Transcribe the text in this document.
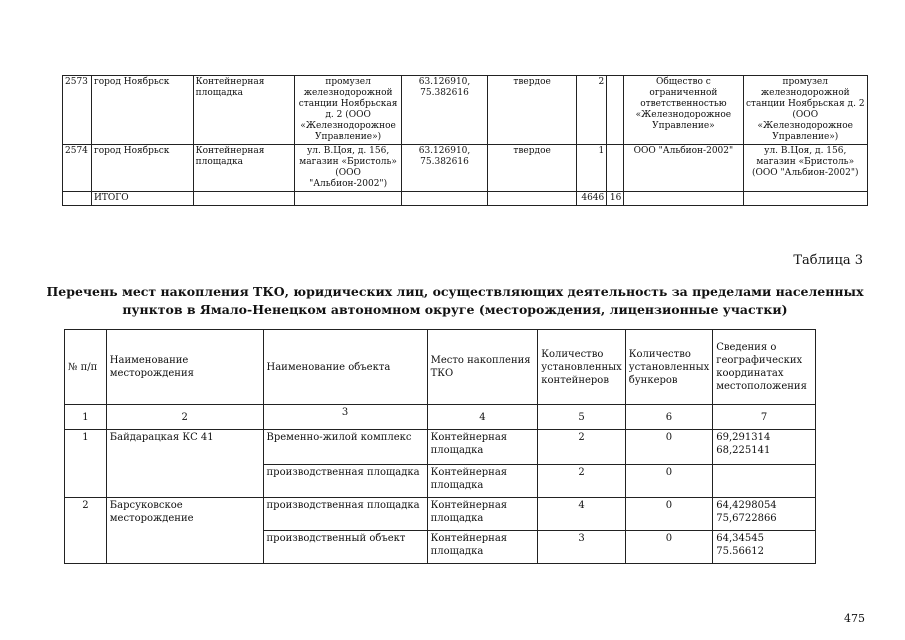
2573	город Ноябрьск	Контейнерная площадка	промузел железнодорожной станции Ноябрьская д. 2 (ООО «Железнодорожное Управление»)	63.126910, 75.382616	твердое	2		Общество с ограниченной ответственностью «Железнодорожное Управление»	промузел железнодорожной станции Ноябрьская д. 2 (ООО «Железнодорожное Управление»)
2574	город Ноябрьск	Контейнерная площадка	ул. В.Цоя, д. 156, магазин «Бристоль» (ООО "Альбион-2002")	63.126910, 75.382616	твердое	1		ООО "Альбион-2002"	ул. В.Цоя, д. 156, магазин «Бристоль» (ООО "Альбион-2002")
	ИТОГО					4646	16		
Таблица 3
Перечень мест накопления ТКО, юридических лиц, осуществляющих деятельность за пределами населенных пунктов в Ямало-Ненецком автономном округе (месторождения, лицензионные участки)
№ п/п	Наименование месторождения	Наименование объекта	Место накопления ТКО	Количество установленных контейнеров	Количество установленных бункеров	Сведения о географических координатах местоположения
1	2	3	4	5	6	7
1	Байдарацкая КС 41	Временно-жилой комплекс	Контейнерная площадка	2	0	69,291314 68,225141
		производственная площадка	Контейнерная площадка	2	0	
2	Барсуковское месторождение	производственная площадка	Контейнерная площадка	4	0	64,4298054 75,6722866
		производственный объект	Контейнерная площадка	3	0	64,34545 75.56612
475
